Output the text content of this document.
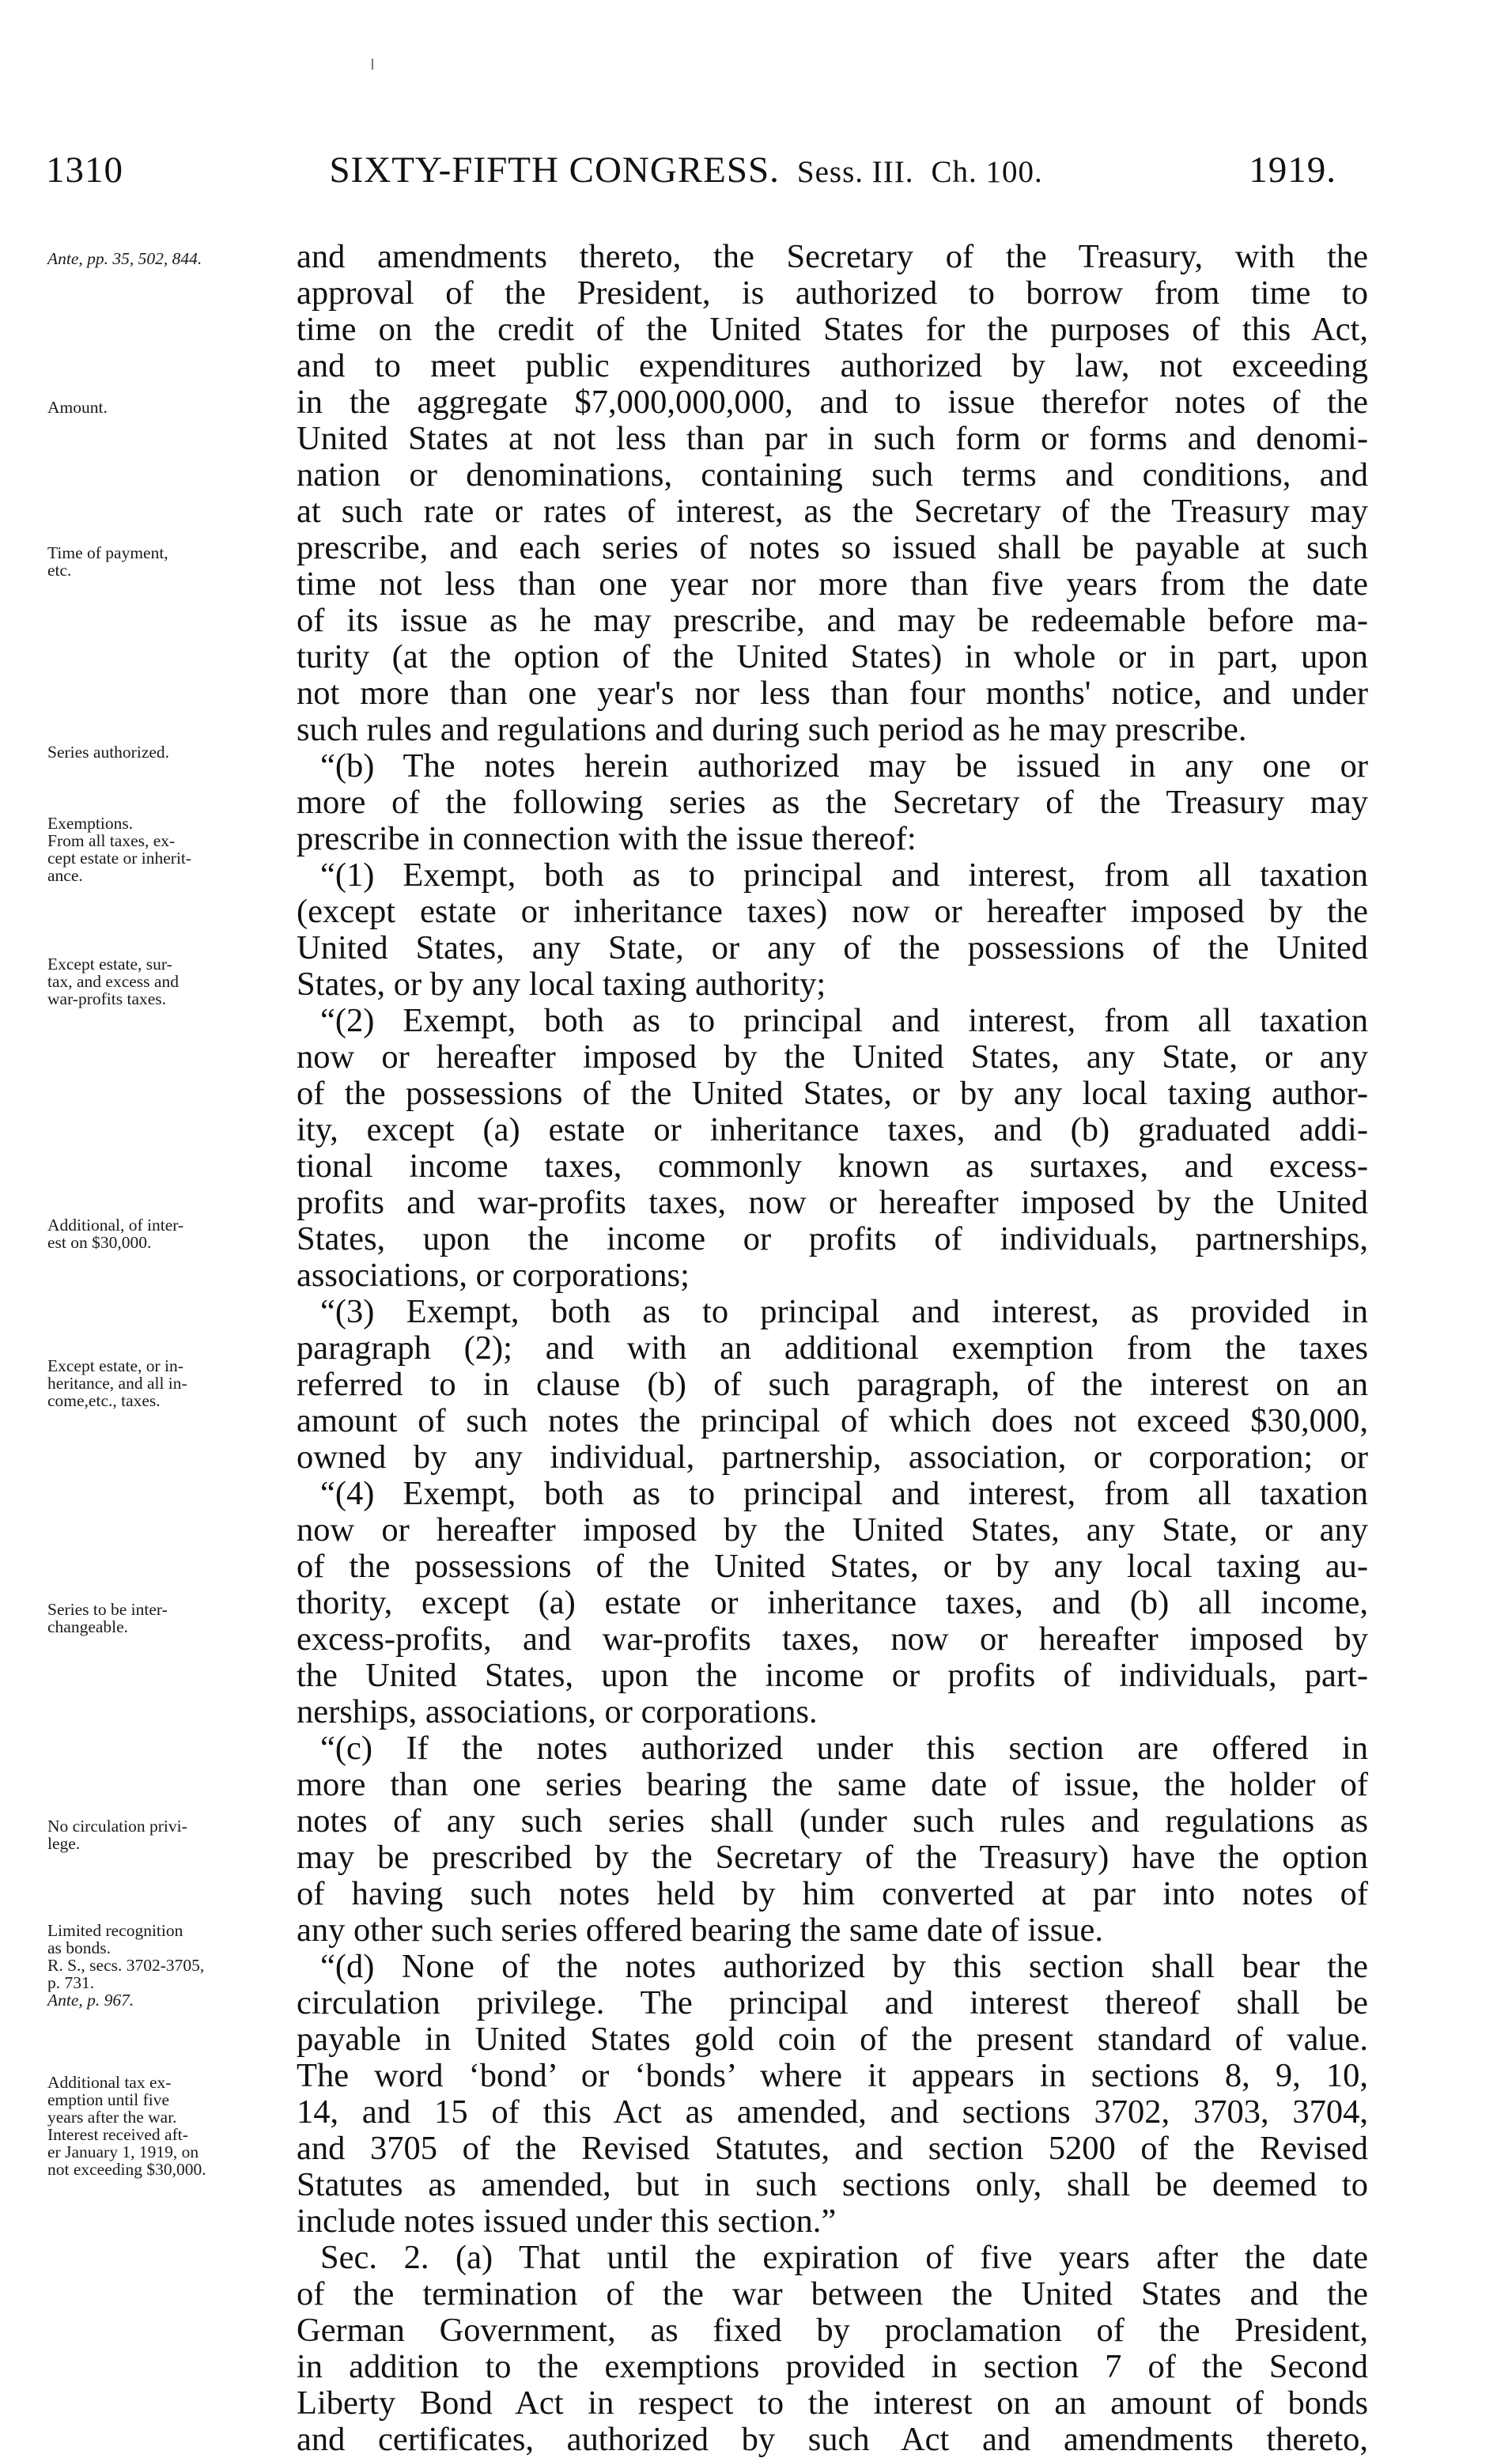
1310	SIXTY-FIFTH CONGRESS. Sess. III. Ch. 100.	1919.
Ante, pp. 35, 502, 844.
Amount.
Time of payment,
etc.
Series authorized.
Exemptions.
From all taxes, ex-
cept estate or inherit-
ance.
Except estate, sur-
tax, and excess and
war-profits taxes.
Additional, of inter-
est on $30,000.
Except estate, or in-
heritance, and all in-
come,etc., taxes.
Series to be inter-
changeable.
No circulation privi-
lege.
Limited recognition
as bonds.
R. S., secs. 3702-3705,
p. 731.
Ante, p. 967.
Additional tax ex-
emption until five
years after the war.
Interest received aft-
er January 1, 1919, on
not exceeding $30,000.
and amendments thereto, the Secretary of the Treasury, with the
approval of the President, is authorized to borrow from time to
time on the credit of the United States for the purposes of this Act,
and to meet public expenditures authorized by law, not exceeding
in the aggregate $7,000,000,000, and to issue therefor notes of the
United States at not less than par in such form or forms and denomi-
nation or denominations, containing such terms and conditions, and
at such rate or rates of interest, as the Secretary of the Treasury may
prescribe, and each series of notes so issued shall be payable at such
time not less than one year nor more than five years from the date
of its issue as he may prescribe, and may be redeemable before ma-
turity (at the option of the United States) in whole or in part, upon
not more than one year's nor less than four months' notice, and under
such rules and regulations and during such period as he may prescribe.
“(b) The notes herein authorized may be issued in any one or
more of the following series as the Secretary of the Treasury may
prescribe in connection with the issue thereof:
“(1) Exempt, both as to principal and interest, from all taxation
(except estate or inheritance taxes) now or hereafter imposed by the
United States, any State, or any of the possessions of the United
States, or by any local taxing authority;
“(2) Exempt, both as to principal and interest, from all taxation
now or hereafter imposed by the United States, any State, or any
of the possessions of the United States, or by any local taxing author-
ity, except (a) estate or inheritance taxes, and (b) graduated addi-
tional income taxes, commonly known as surtaxes, and excess-
profits and war-profits taxes, now or hereafter imposed by the United
States, upon the income or profits of individuals, partnerships,
associations, or corporations;
“(3) Exempt, both as to principal and interest, as provided in
paragraph (2); and with an additional exemption from the taxes
referred to in clause (b) of such paragraph, of the interest on an
amount of such notes the principal of which does not exceed $30,000,
owned by any individual, partnership, association, or corporation; or
“(4) Exempt, both as to principal and interest, from all taxation
now or hereafter imposed by the United States, any State, or any
of the possessions of the United States, or by any local taxing au-
thority, except (a) estate or inheritance taxes, and (b) all income,
excess-profits, and war-profits taxes, now or hereafter imposed by
the United States, upon the income or profits of individuals, part-
nerships, associations, or corporations.
“(c) If the notes authorized under this section are offered in
more than one series bearing the same date of issue, the holder of
notes of any such series shall (under such rules and regulations as
may be prescribed by the Secretary of the Treasury) have the option
of having such notes held by him converted at par into notes of
any other such series offered bearing the same date of issue.
“(d) None of the notes authorized by this section shall bear the
circulation privilege. The principal and interest thereof shall be
payable in United States gold coin of the present standard of value.
The word ‘bond’ or ‘bonds’ where it appears in sections 8, 9, 10,
14, and 15 of this Act as amended, and sections 3702, 3703, 3704,
and 3705 of the Revised Statutes, and section 5200 of the Revised
Statutes as amended, but in such sections only, shall be deemed to
include notes issued under this section.”
Sec. 2. (a) That until the expiration of five years after the date
of the termination of the war between the United States and the
German Government, as fixed by proclamation of the President,
in addition to the exemptions provided in section 7 of the Second
Liberty Bond Act in respect to the interest on an amount of bonds
and certificates, authorized by such Act and amendments thereto,
